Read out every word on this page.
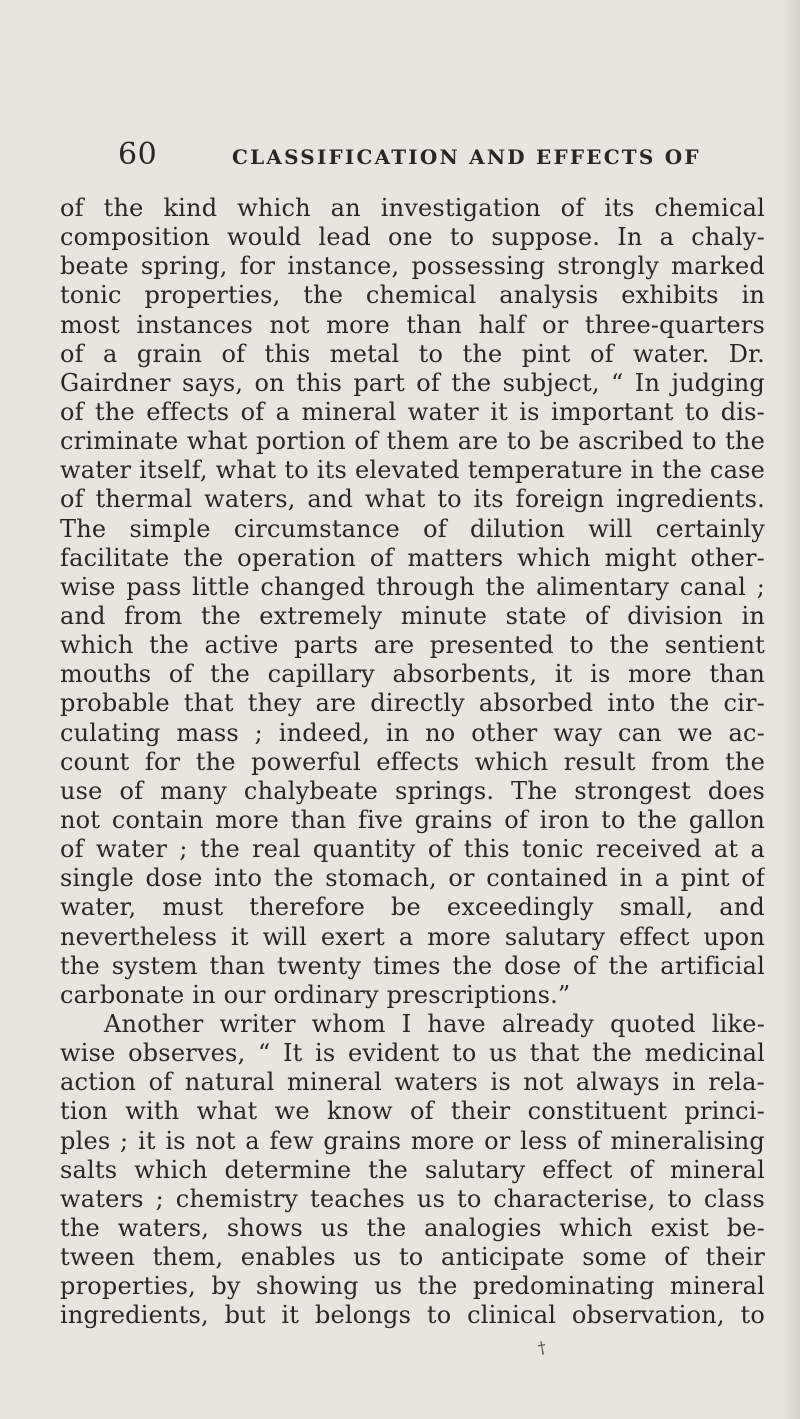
60	CLASSIFICATION AND EFFECTS OF
of the kind which an investigation of its chemical
composition would lead one to suppose. In a chaly-
beate spring, for instance, possessing strongly marked
tonic properties, the chemical analysis exhibits in
most instances not more than half or three-quarters
of a grain of this metal to the pint of water. Dr.
Gairdner says, on this part of the subject, “ In judging
of the effects of a mineral water it is important to dis-
criminate what portion of them are to be ascribed to the
water itself, what to its elevated temperature in the case
of thermal waters, and what to its foreign ingredients.
The simple circumstance of dilution will certainly
facilitate the operation of matters which might other-
wise pass little changed through the alimentary canal ;
and from the extremely minute state of division in
which the active parts are presented to the sentient
mouths of the capillary absorbents, it is more than
probable that they are directly absorbed into the cir-
culating mass ; indeed, in no other way can we ac-
count for the powerful effects which result from the
use of many chalybeate springs. The strongest does
not contain more than five grains of iron to the gallon
of water ; the real quantity of this tonic received at a
single dose into the stomach, or contained in a pint of
water, must therefore be exceedingly small, and
nevertheless it will exert a more salutary effect upon
the system than twenty times the dose of the artificial
carbonate in our ordinary prescriptions.”
Another writer whom I have already quoted like-
wise observes, “ It is evident to us that the medicinal
action of natural mineral waters is not always in rela-
tion with what we know of their constituent princi-
ples ; it is not a few grains more or less of mineralising
salts which determine the salutary effect of mineral
waters ; chemistry teaches us to characterise, to class
the waters, shows us the analogies which exist be-
tween them, enables us to anticipate some of their
properties, by showing us the predominating mineral
ingredients, but it belongs to clinical observation, to
†
